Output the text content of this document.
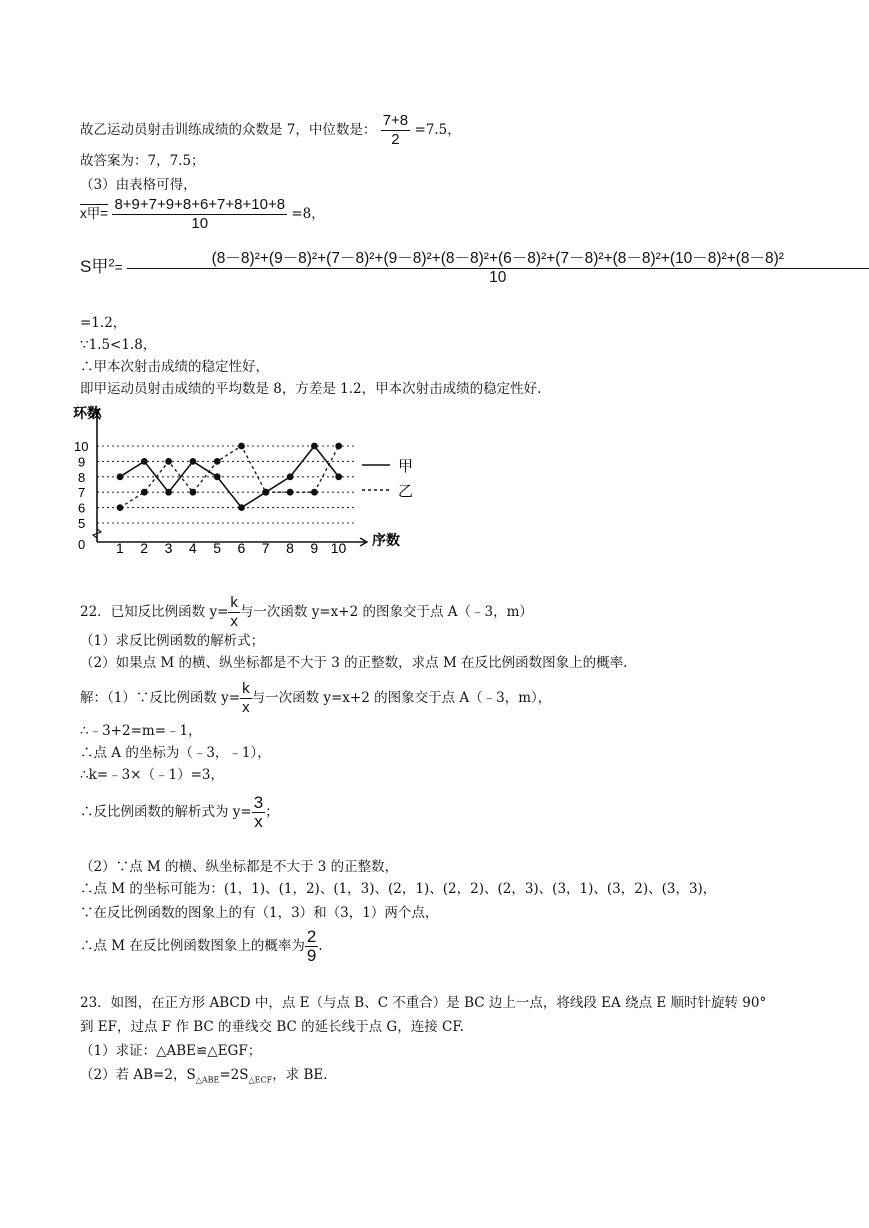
故乙运动员射击训练成绩的众数是 7，中位数是： $\frac{7+8}{2} =7.5$，
故答案为：7，7.5；
（3）由表格可得，
x甲= $\frac{8+9+7+9+8+6+7+8+10+8}{10} =8$，
S甲$^2$=
(8－8)²+(9－8)²+(7－8)²+(9－8)²+(8－8)²+(6－8)²+(7－8)²+(8－8)²+(10－8)²+(8－8)²
10
=1.2，
∵1.5<1.8，
∴甲本次射击成绩的稳定性好，
即甲运动员射击成绩的平均数是 8，方差是 1.2，甲本次射击成绩的稳定性好.
0
5
6
7
8
9
10
1 2 3 4 5 6 7 8 9 10
环数
序数
甲
乙
22．已知反比例函数 $y= \frac{k}{x}$ 与一次函数 y=x+2 的图象交于点 A（﹣3，m）
（1）求反比例函数的解析式；
（2）如果点 M 的横、纵坐标都是不大于 3 的正整数，求点 M 在反比例函数图象上的概率.
解：（1）∵反比例函数 $y= \frac{k}{x}$ 与一次函数 y=x+2 的图象交于点 A（﹣3，m），
∴﹣3+2=m=﹣1，
∴点 A 的坐标为（﹣3，﹣1），
∴k=﹣3×（﹣1）=3，
∴反比例函数的解析式为 $y= \frac{3}{x}$ ；
（2）∵点 M 的横、纵坐标都是不大于 3 的正整数，
∴点 M 的坐标可能为：(1，1)、(1，2)、(1，3)、(2，1)、(2，2)、(2，3)、(3，1)、(3，2)、(3，3)，
∵在反比例函数的图象上的有（1，3）和（3，1）两个点，
∴点 M 在反比例函数图象上的概率为 $\frac{2}{9}$ .
23．如图，在正方形 ABCD 中，点 E（与点 B、C 不重合）是 BC 边上一点，将线段 EA 绕点 E 顺时针旋转 90°
到 EF，过点 F 作 BC 的垂线交 BC 的延长线于点 G，连接 CF.
（1）求证：△ABE≌△EGF；
（2）若 AB=2，$S_{\triangle ABE}=2S_{\triangle ECF}$，求 BE.
